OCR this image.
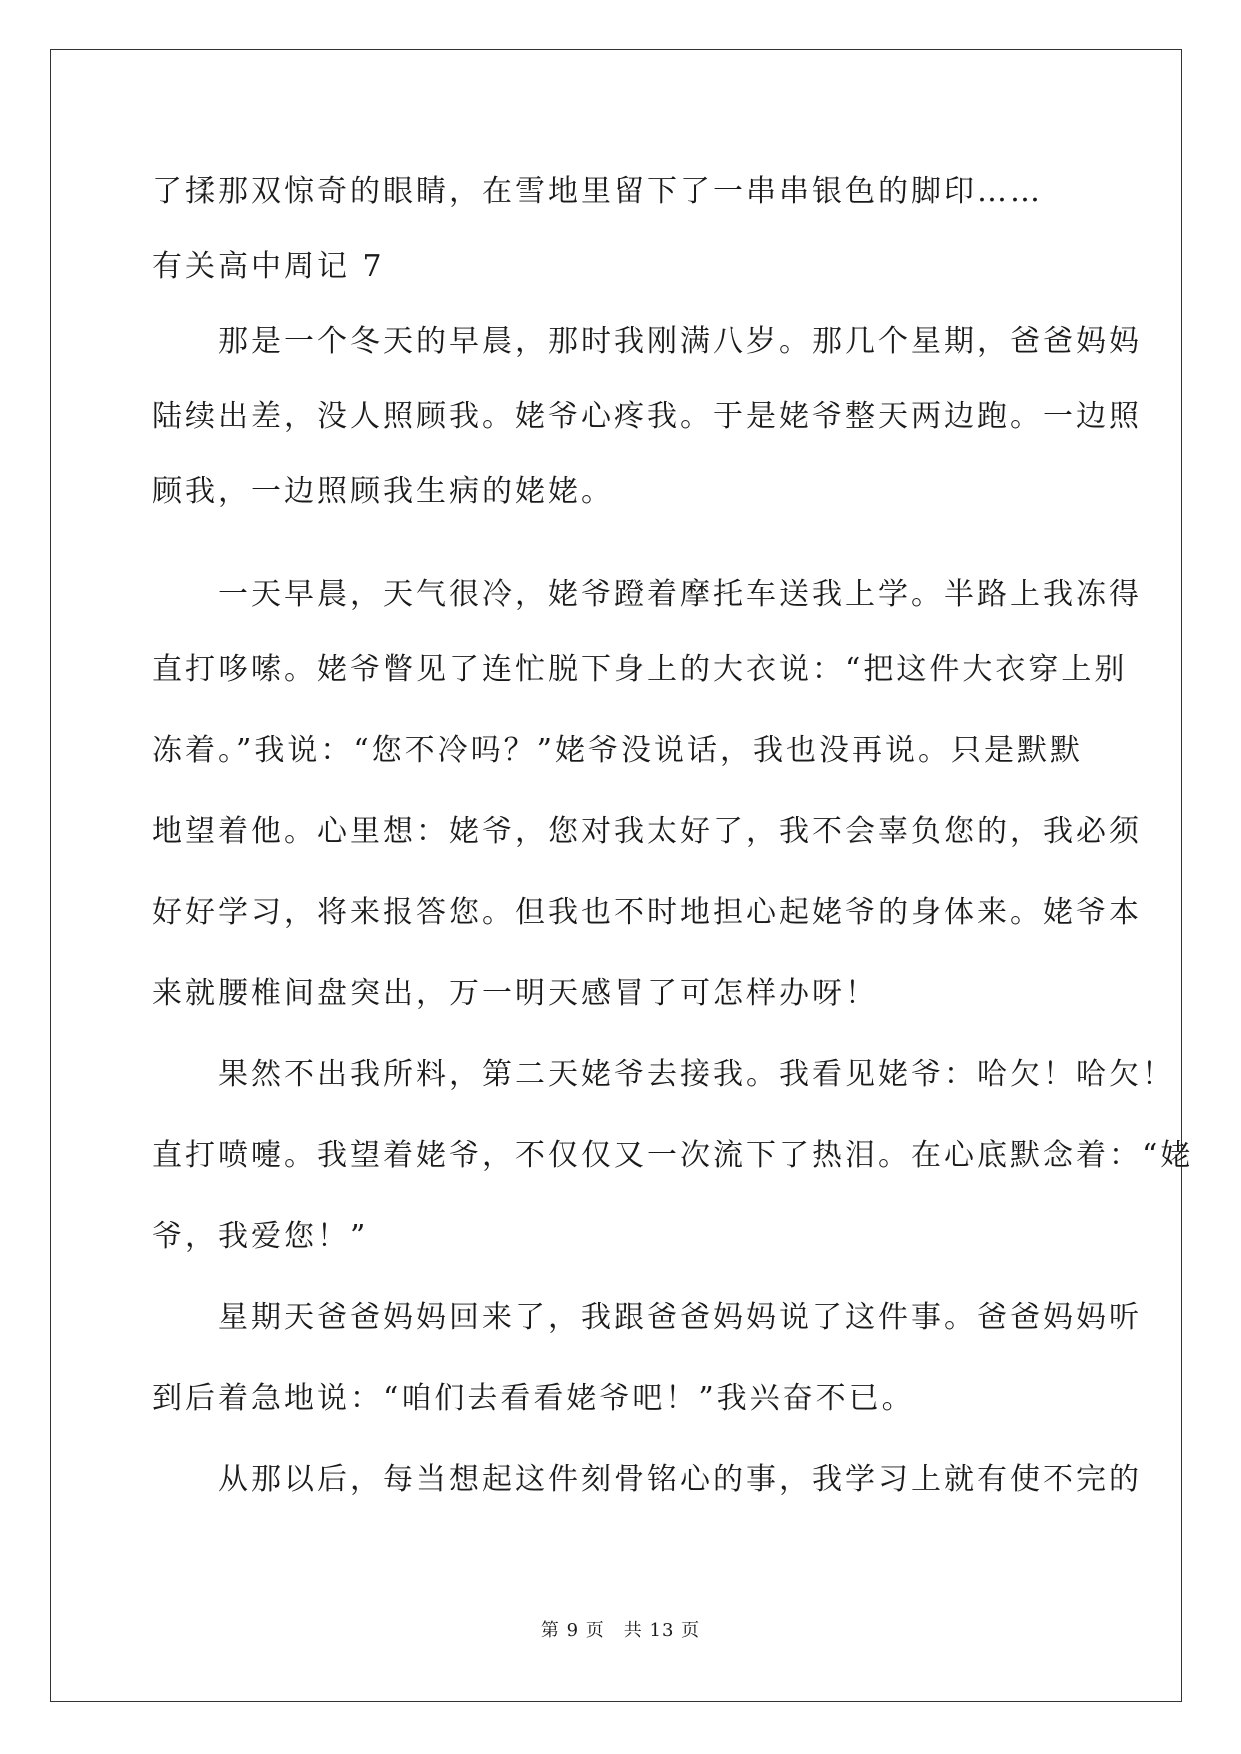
了揉那双惊奇的眼睛，在雪地里留下了一串串银色的脚印……
有关高中周记 7
　　那是一个冬天的早晨，那时我刚满八岁。那几个星期，爸爸妈妈
陆续出差，没人照顾我。姥爷心疼我。于是姥爷整天两边跑。一边照
顾我，一边照顾我生病的姥姥。
　　一天早晨，天气很冷，姥爷蹬着摩托车送我上学。半路上我冻得
直打哆嗦。姥爷瞥见了连忙脱下身上的大衣说：“把这件大衣穿上别
冻着。”我说：“您不冷吗？”姥爷没说话，我也没再说。只是默默
地望着他。心里想：姥爷，您对我太好了，我不会辜负您的，我必须
好好学习，将来报答您。但我也不时地担心起姥爷的身体来。姥爷本
来就腰椎间盘突出，万一明天感冒了可怎样办呀！
　　果然不出我所料，第二天姥爷去接我。我看见姥爷：哈欠！哈欠！
直打喷嚏。我望着姥爷，不仅仅又一次流下了热泪。在心底默念着：“姥
爷，我爱您！”
　　星期天爸爸妈妈回来了，我跟爸爸妈妈说了这件事。爸爸妈妈听
到后着急地说：“咱们去看看姥爷吧！”我兴奋不已。
　　从那以后，每当想起这件刻骨铭心的事，我学习上就有使不完的
第 9 页　共 13 页
